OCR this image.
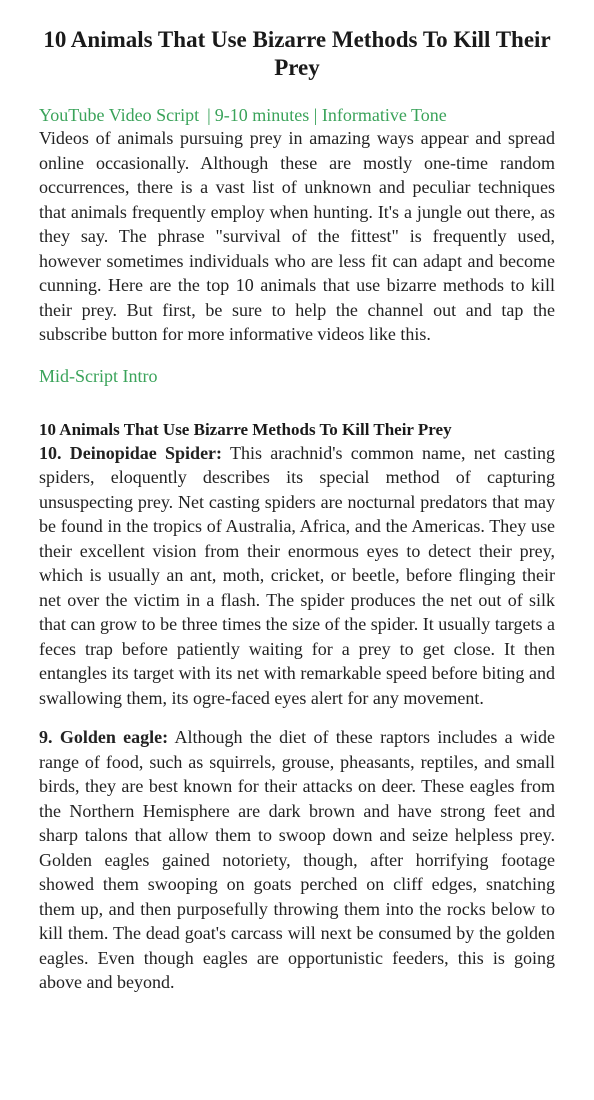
10 Animals That Use Bizarre Methods To Kill Their Prey
YouTube Video Script | 9-10 minutes | Informative Tone

Videos of animals pursuing prey in amazing ways appear and spread online occasionally. Although these are mostly one-time random occurrences, there is a vast list of unknown and peculiar techniques that animals frequently employ when hunting. It's a jungle out there, as they say. The phrase "survival of the fittest" is frequently used, however sometimes individuals who are less fit can adapt and become cunning. Here are the top 10 animals that use bizarre methods to kill their prey. But first, be sure to help the channel out and tap the subscribe button for more informative videos like this.

Mid-Script Intro
10 Animals That Use Bizarre Methods To Kill Their Prey

10. Deinopidae Spider: This arachnid's common name, net casting spiders, eloquently describes its special method of capturing unsuspecting prey. Net casting spiders are nocturnal predators that may be found in the tropics of Australia, Africa, and the Americas. They use their excellent vision from their enormous eyes to detect their prey, which is usually an ant, moth, cricket, or beetle, before flinging their net over the victim in a flash. The spider produces the net out of silk that can grow to be three times the size of the spider. It usually targets a feces trap before patiently waiting for a prey to get close. It then entangles its target with its net with remarkable speed before biting and swallowing them, its ogre-faced eyes alert for any movement.

9. Golden eagle: Although the diet of these raptors includes a wide range of food, such as squirrels, grouse, pheasants, reptiles, and small birds, they are best known for their attacks on deer. These eagles from the Northern Hemisphere are dark brown and have strong feet and sharp talons that allow them to swoop down and seize helpless prey. Golden eagles gained notoriety, though, after horrifying footage showed them swooping on goats perched on cliff edges, snatching them up, and then purposefully throwing them into the rocks below to kill them. The dead goat's carcass will next be consumed by the golden eagles. Even though eagles are opportunistic feeders, this is going above and beyond.
